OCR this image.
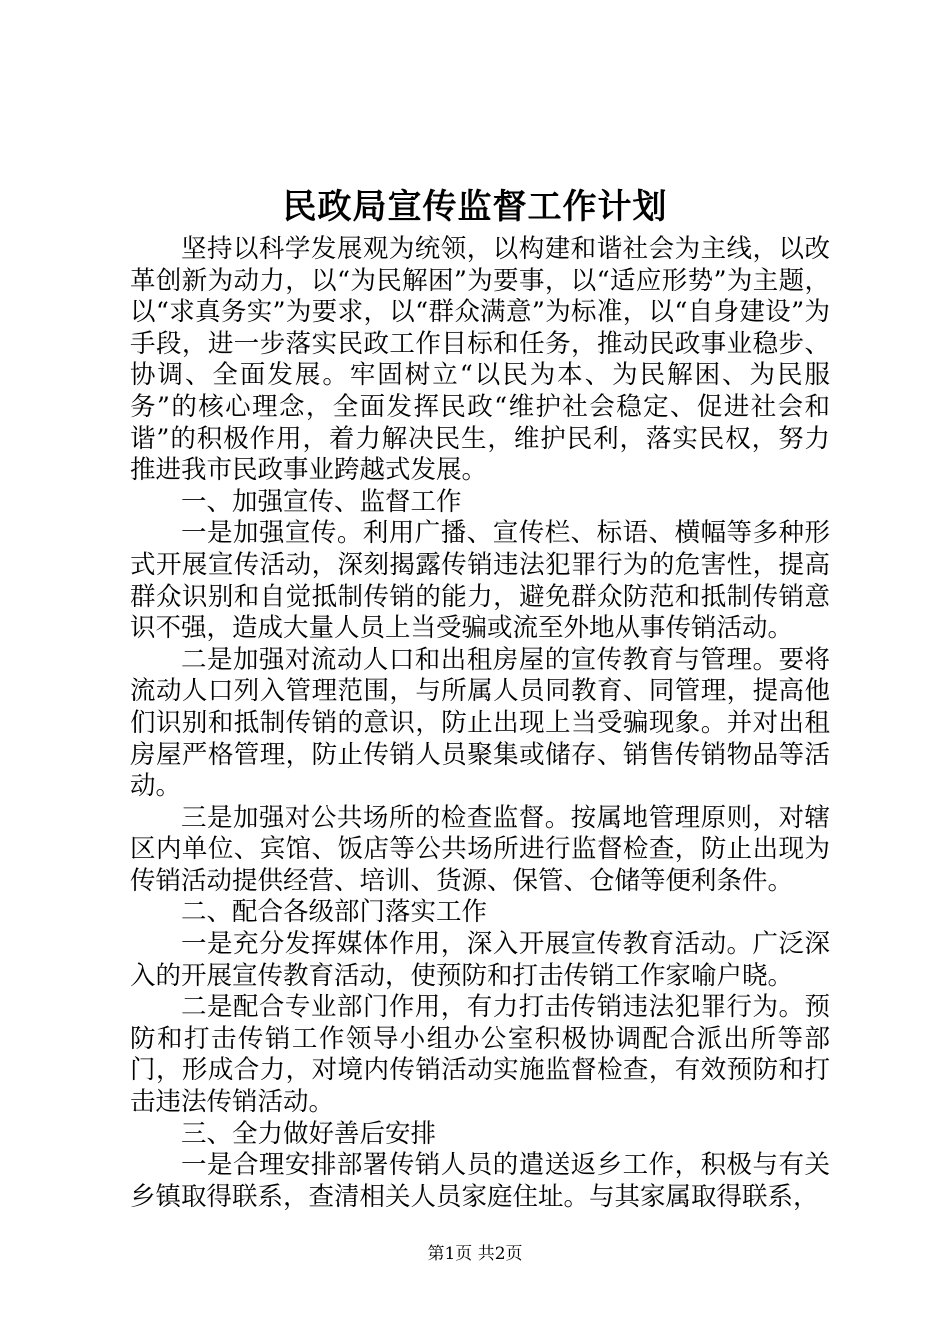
民政局宣传监督工作计划

坚持以科学发展观为统领，以构建和谐社会为主线，以改革创新为动力，以“为民解困”为要事，以“适应形势”为主题，以“求真务实”为要求，以“群众满意”为标准，以“自身建设”为手段，进一步落实民政工作目标和任务，推动民政事业稳步、协调、全面发展。牢固树立“以民为本、为民解困、为民服务”的核心理念，全面发挥民政“维护社会稳定、促进社会和谐”的积极作用，着力解决民生，维护民利，落实民权，努力推进我市民政事业跨越式发展。

一、加强宣传、监督工作

一是加强宣传。利用广播、宣传栏、标语、横幅等多种形式开展宣传活动，深刻揭露传销违法犯罪行为的危害性，提高群众识别和自觉抵制传销的能力，避免群众防范和抵制传销意识不强，造成大量人员上当受骗或流至外地从事传销活动。

二是加强对流动人口和出租房屋的宣传教育与管理。要将流动人口列入管理范围，与所属人员同教育、同管理，提高他们识别和抵制传销的意识，防止出现上当受骗现象。并对出租房屋严格管理，防止传销人员聚集或储存、销售传销物品等活动。

三是加强对公共场所的检查监督。按属地管理原则，对辖区内单位、宾馆、饭店等公共场所进行监督检查，防止出现为传销活动提供经营、培训、货源、保管、仓储等便利条件。

二、配合各级部门落实工作

一是充分发挥媒体作用，深入开展宣传教育活动。广泛深入的开展宣传教育活动，使预防和打击传销工作家喻户晓。

二是配合专业部门作用，有力打击传销违法犯罪行为。预防和打击传销工作领导小组办公室积极协调配合派出所等部门，形成合力，对境内传销活动实施监督检查，有效预防和打击违法传销活动。

三、全力做好善后安排

一是合理安排部署传销人员的遣送返乡工作，积极与有关乡镇取得联系，查清相关人员家庭住址。与其家属取得联系，

第1页 共2页
